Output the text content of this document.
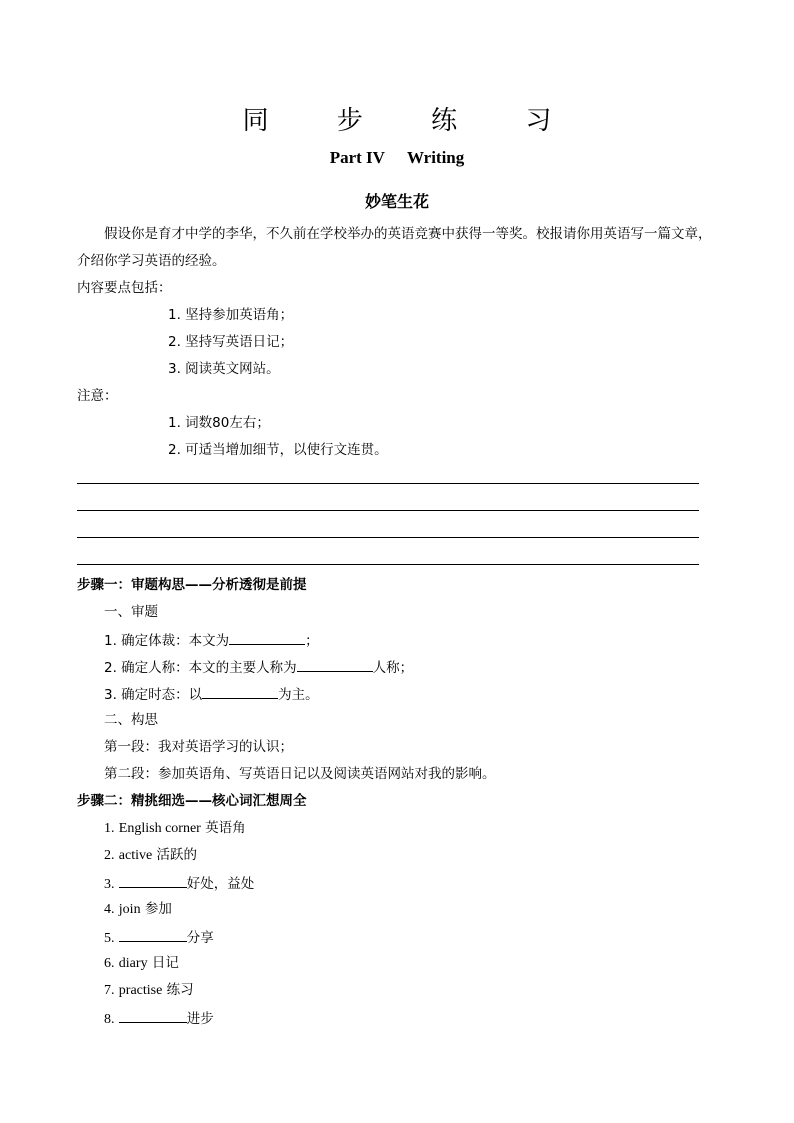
同 步 练 习
Part IV Writing
妙笔生花
假设你是育才中学的李华，不久前在学校举办的英语竞赛中获得一等奖。校报请你用英语写一篇文章，
介绍你学习英语的经验。
内容要点包括：
1. 坚持参加英语角；
2. 坚持写英语日记；
3. 阅读英文网站。
注意：
1. 词数80左右；
2. 可适当增加细节，以使行文连贯。
步骤一：审题构思——分析透彻是前提
一、审题
1. 确定体裁：本文为	；
2. 确定人称：本文的主要人称为	人称；
3. 确定时态：以	为主。
二、构思
第一段：我对英语学习的认识；
第二段：参加英语角、写英语日记以及阅读英语网站对我的影响。
步骤二：精挑细选——核心词汇想周全
1. English corner 英语角
2. active 活跃的
3.	好处，益处
4. join 参加
5.	分享
6. diary 日记
7. practise 练习
8.	进步
